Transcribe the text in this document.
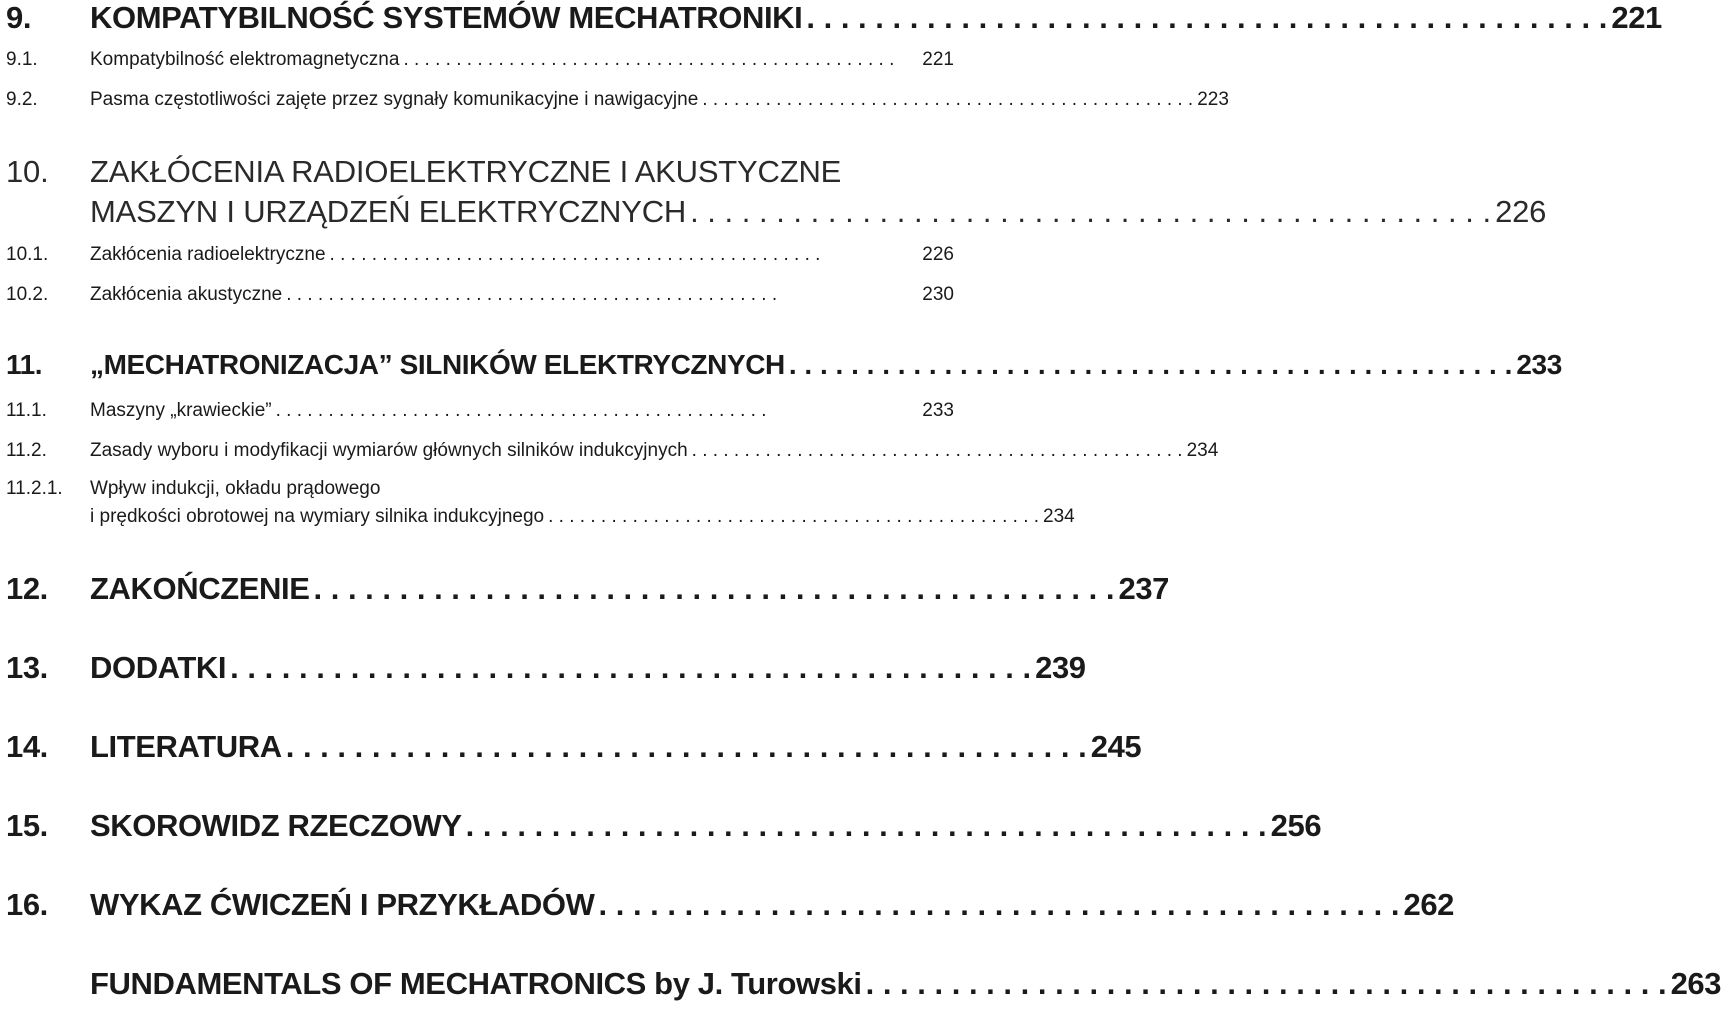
9. KOMPATYBILNOŚĆ SYSTEMÓW MECHATRONIKI . . . . . . . . . . . . . . . . . . . . . . . . . . . . . . . . . . . . . . . . . . . . . . . 221
9.1.	Kompatybilność elektromagnetyczna . . . . . . . . . . . . . . . . . . . . . . . . . . . . . . . . . . . . . . . . . . . . . . .	221
9.2.	Pasma częstotliwości zajęte przez sygnały komunikacyjne i nawigacyjne . . . . . . . . . . . . . . . . . . . . . . . . . . . . . . . . . . . . . . . . . . . . . . . 223
10. ZAKŁÓCENIA RADIOELEKTRYCZNE I AKUSTYCZNE
MASZYN I URZĄDZEŃ ELEKTRYCZNYCH . . . . . . . . . . . . . . . . . . . . . . . . . . . . . . . . . . . . . . . . . . . . . . . 226
10.1. Zakłócenia radioelektryczne . . . . . . . . . . . . . . . . . . . . . . . . . . . . . . . . . . . . . . . . . . . . . . .	226
10.2. Zakłócenia akustyczne . . . . . . . . . . . . . . . . . . . . . . . . . . . . . . . . . . . . . . . . . . . . . . .	230
11. „MECHATRONIZACJA” SILNIKÓW ELEKTRYCZNYCH . . . . . . . . . . . . . . . . . . . . . . . . . . . . . . . . . . . . . . . . . . . . . . . 233
11.1. Maszyny „krawieckie” . . . . . . . . . . . . . . . . . . . . . . . . . . . . . . . . . . . . . . . . . . . . . . .	233
11.2. Zasady wyboru i modyfikacji wymiarów głównych silników indukcyjnych . . . . . . . . . . . . . . . . . . . . . . . . . . . . . . . . . . . . . . . . . . . . . . . 234
11.2.1. Wpływ indukcji, okładu prądowego
i prędkości obrotowej na wymiary silnika indukcyjnego . . . . . . . . . . . . . . . . . . . . . . . . . . . . . . . . . . . . . . . . . . . . . . . 234
12. ZAKOŃCZENIE . . . . . . . . . . . . . . . . . . . . . . . . . . . . . . . . . . . . . . . . . . . . . . . 237
13. DODATKI . . . . . . . . . . . . . . . . . . . . . . . . . . . . . . . . . . . . . . . . . . . . . . . 239
14. LITERATURA . . . . . . . . . . . . . . . . . . . . . . . . . . . . . . . . . . . . . . . . . . . . . . . 245
15. SKOROWIDZ RZECZOWY . . . . . . . . . . . . . . . . . . . . . . . . . . . . . . . . . . . . . . . . . . . . . . . 256
16. WYKAZ ĆWICZEŃ I PRZYKŁADÓW . . . . . . . . . . . . . . . . . . . . . . . . . . . . . . . . . . . . . . . . . . . . . . . 262
FUNDAMENTALS OF MECHATRONICS by J. Turowski . . . . . . . . . . . . . . . . . . . . . . . . . . . . . . . . . . . . . . . . . . . . . . . 263
